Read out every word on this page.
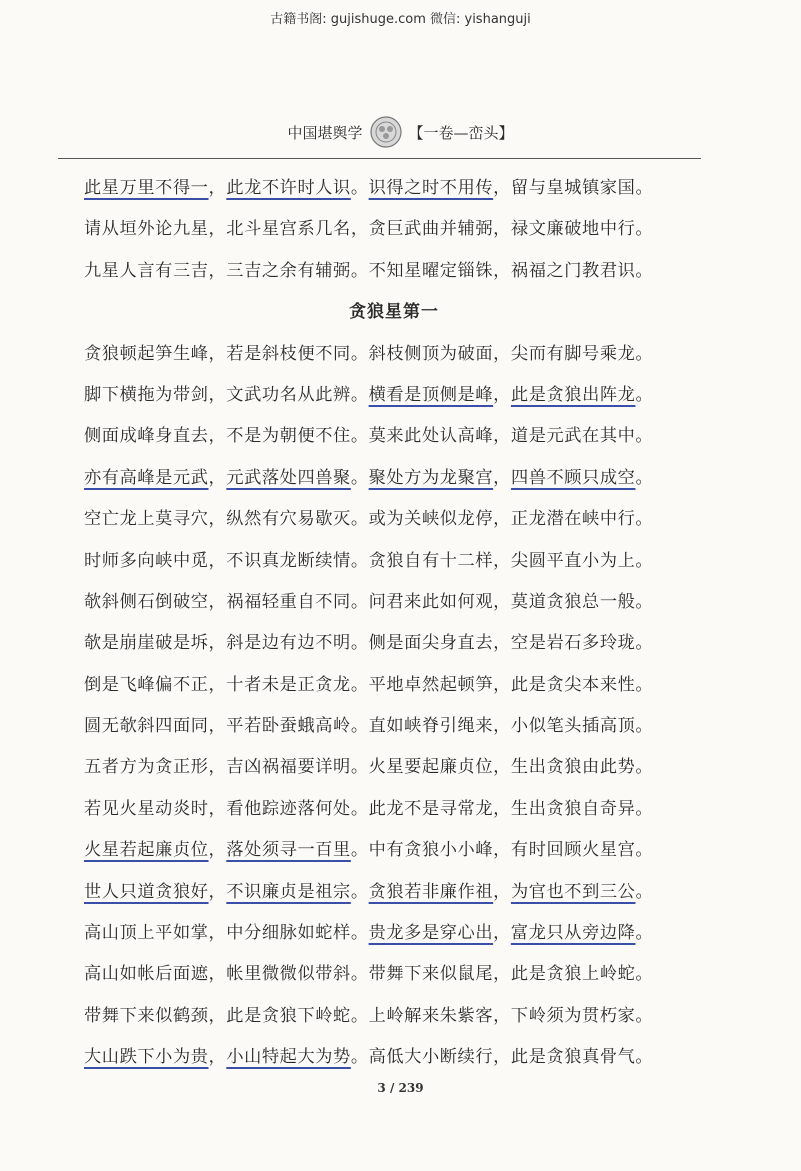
古籍书阁: gujishuge.com 微信: yishanguji
中国堪舆学	【一卷—峦头】
此星万里不得一，此龙不许时人识。识得之时不用传，留与皇城镇家国。
请从垣外论九星，北斗星宫系几名，贪巨武曲并辅弼，禄文廉破地中行。
九星人言有三吉，三吉之余有辅弼。不知星曜定锱铢，祸福之门教君识。
贪狼星第一
贪狼顿起笋生峰，若是斜枝便不同。斜枝侧顶为破面，尖而有脚号乘龙。
脚下横拖为带剑，文武功名从此辨。横看是顶侧是峰，此是贪狼出阵龙。
侧面成峰身直去，不是为朝便不住。莫来此处认高峰，道是元武在其中。
亦有高峰是元武，元武落处四兽聚。聚处方为龙聚宫，四兽不顾只成空。
空亡龙上莫寻穴，纵然有穴易歇灭。或为关峡似龙停，正龙潜在峡中行。
时师多向峡中觅，不识真龙断续情。贪狼自有十二样，尖圆平直小为上。
欹斜侧石倒破空，祸福轻重自不同。问君来此如何观，莫道贪狼总一般。
欹是崩崖破是坼，斜是边有边不明。侧是面尖身直去，空是岩石多玲珑。
倒是飞峰偏不正，十者未是正贪龙。平地卓然起顿笋，此是贪尖本来性。
圆无欹斜四面同，平若卧蚕蛾高岭。直如峡脊引绳来，小似笔头插高顶。
五者方为贪正形，吉凶祸福要详明。火星要起廉贞位，生出贪狼由此势。
若见火星动炎时，看他踪迹落何处。此龙不是寻常龙，生出贪狼自奇异。
火星若起廉贞位，落处须寻一百里。中有贪狼小小峰，有时回顾火星宫。
世人只道贪狼好，不识廉贞是祖宗。贪狼若非廉作祖，为官也不到三公。
高山顶上平如掌，中分细脉如蛇样。贵龙多是穿心出，富龙只从旁边降。
高山如帐后面遮，帐里微微似带斜。带舞下来似鼠尾，此是贪狼上岭蛇。
带舞下来似鹤颈，此是贪狼下岭蛇。上岭解来朱紫客，下岭须为贯朽家。
大山跌下小为贵，小山特起大为势。高低大小断续行，此是贪狼真骨气。
3 / 239
